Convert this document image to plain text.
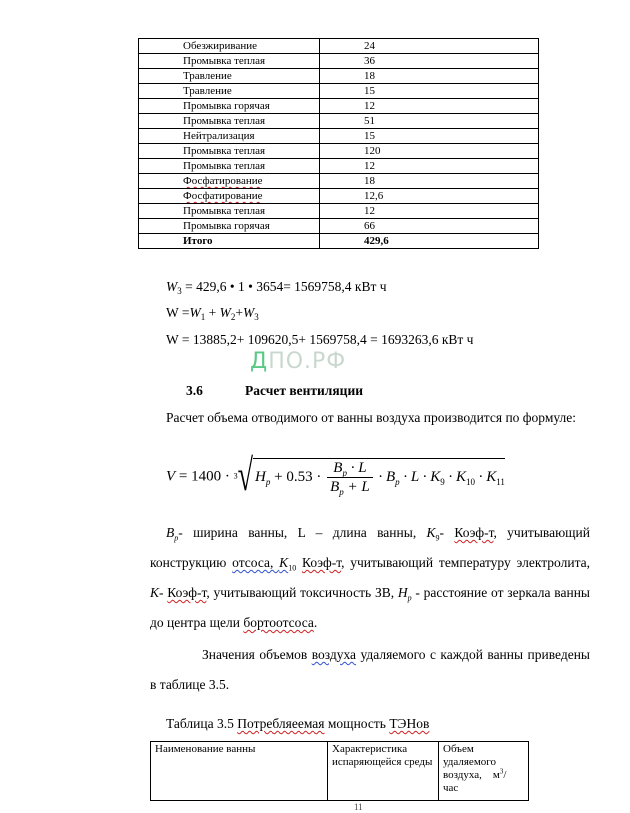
Обезжиривание	24
Промывка теплая	36
Травление	18
Травление	15
Промывка горячая	12
Промывка теплая	51
Нейтрализация	15
Промывка теплая	120
Промывка теплая	12
Фосфатирование	18
Фосфатирование	12,6
Промывка теплая	12
Промывка горячая	66
Итого	429,6
$W_3 = 429,6$ • 1 • 3654= 1569758,4 кВт ч
$W =W_1 + W_2+W_3$
W = 13885,2+ 109620,5+ 1569758,4 = 1693263,6 кВт ч
ДПО.РФ
3.6	Расчет вентиляции
Расчет объема отводимого от ванны воздуха производится по формуле:
V = 1400 · 3√ $H_p + 0.53 \cdot \frac{B_p \cdot L}{B_p + L} \cdot B_p \cdot L \cdot K_9 \cdot K_{10} \cdot K_{11}$
$B_p-$ ширина ванны, L – длина ванны, $K_9-$ Коэф-т, учитывающий конструкцию отсоса, $K_{10}$ Коэф-т, учитывающий температуру электролита, K- Коэф-т, учитывающий токсичность ЗВ, $H_p$ - расстояние от зеркала ванны до центра щели бортоотсоса.
Значения объемов воздуха удаляемого с каждой ванны приведены в таблице 3.5.
Таблица 3.5 Потребляеемая мощность ТЭНов
Наименование ванны	Характеристика испаряющейся среды	Объем удаляемого воздуха, $м^3/$ час
11
